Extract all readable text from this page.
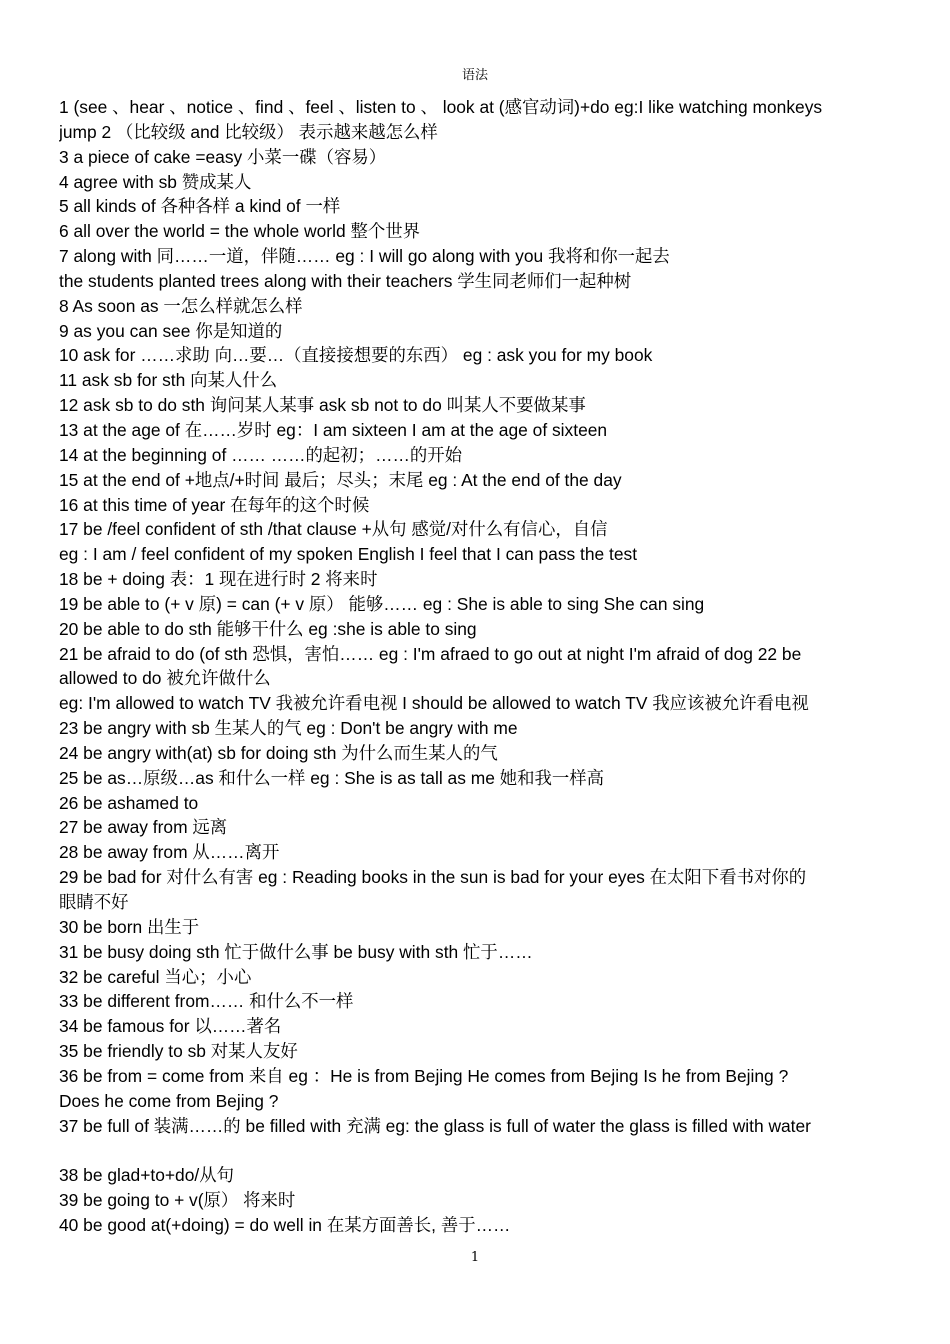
语法
1 (see 、hear 、notice 、find 、feel 、listen to 、 look at (感官动词)+do eg:I like watching monkeys
jump 2 （比较级 and 比较级） 表示越来越怎么样
3 a piece of cake =easy 小菜一碟（容易）
4 agree with sb 赞成某人
5 all kinds of 各种各样 a kind of 一样
6 all over the world = the whole world 整个世界
7 along with 同……一道，伴随…… eg : I will go along with you 我将和你一起去
the students planted trees along with their teachers 学生同老师们一起种树
8 As soon as 一怎么样就怎么样
9 as you can see 你是知道的
10 ask for ……求助 向…要…（直接接想要的东西） eg : ask you for my book
11 ask sb for sth 向某人什么
12 ask sb to do sth 询问某人某事 ask sb not to do 叫某人不要做某事
13 at the age of 在……岁时 eg：I am sixteen I am at the age of sixteen
14 at the beginning of …… ……的起初；……的开始
15 at the end of +地点/+时间 最后；尽头；末尾 eg : At the end of the day
16 at this time of year 在每年的这个时候
17 be /feel confident of sth /that clause +从句 感觉/对什么有信心，自信
eg : I am / feel confident of my spoken English I feel that I can pass the test
18 be + doing 表：1 现在进行时 2 将来时
19 be able to (+ v 原) = can (+ v 原） 能够…… eg : She is able to sing She can sing
20 be able to do sth 能够干什么 eg :she is able to sing
21 be afraid to do (of sth 恐惧，害怕…… eg : I'm afraed to go out at night I'm afraid of dog 22 be
allowed to do 被允许做什么
eg: I'm allowed to watch TV 我被允许看电视 I should be allowed to watch TV 我应该被允许看电视
23 be angry with sb 生某人的气 eg : Don't be angry with me
24 be angry with(at) sb for doing sth 为什么而生某人的气
25 be as…原级…as 和什么一样 eg : She is as tall as me 她和我一样高
26 be ashamed to
27 be away from 远离
28 be away from 从……离开
29 be bad for 对什么有害 eg : Reading books in the sun is bad for your eyes 在太阳下看书对你的
眼睛不好
30 be born 出生于
31 be busy doing sth 忙于做什么事 be busy with sth 忙于……
32 be careful 当心；小心
33 be different from…… 和什么不一样
34 be famous for 以……著名
35 be friendly to sb 对某人友好
36 be from = come from 来自 eg ：He is from Bejing He comes from Bejing Is he from Bejing ?
Does he come from Bejing ?
37 be full of 装满……的 be filled with 充满 eg: the glass is full of water the glass is filled with water
38 be glad+to+do/从句
39 be going to + v(原） 将来时
40 be good at(+doing) = do well in 在某方面善长, 善于……
1
